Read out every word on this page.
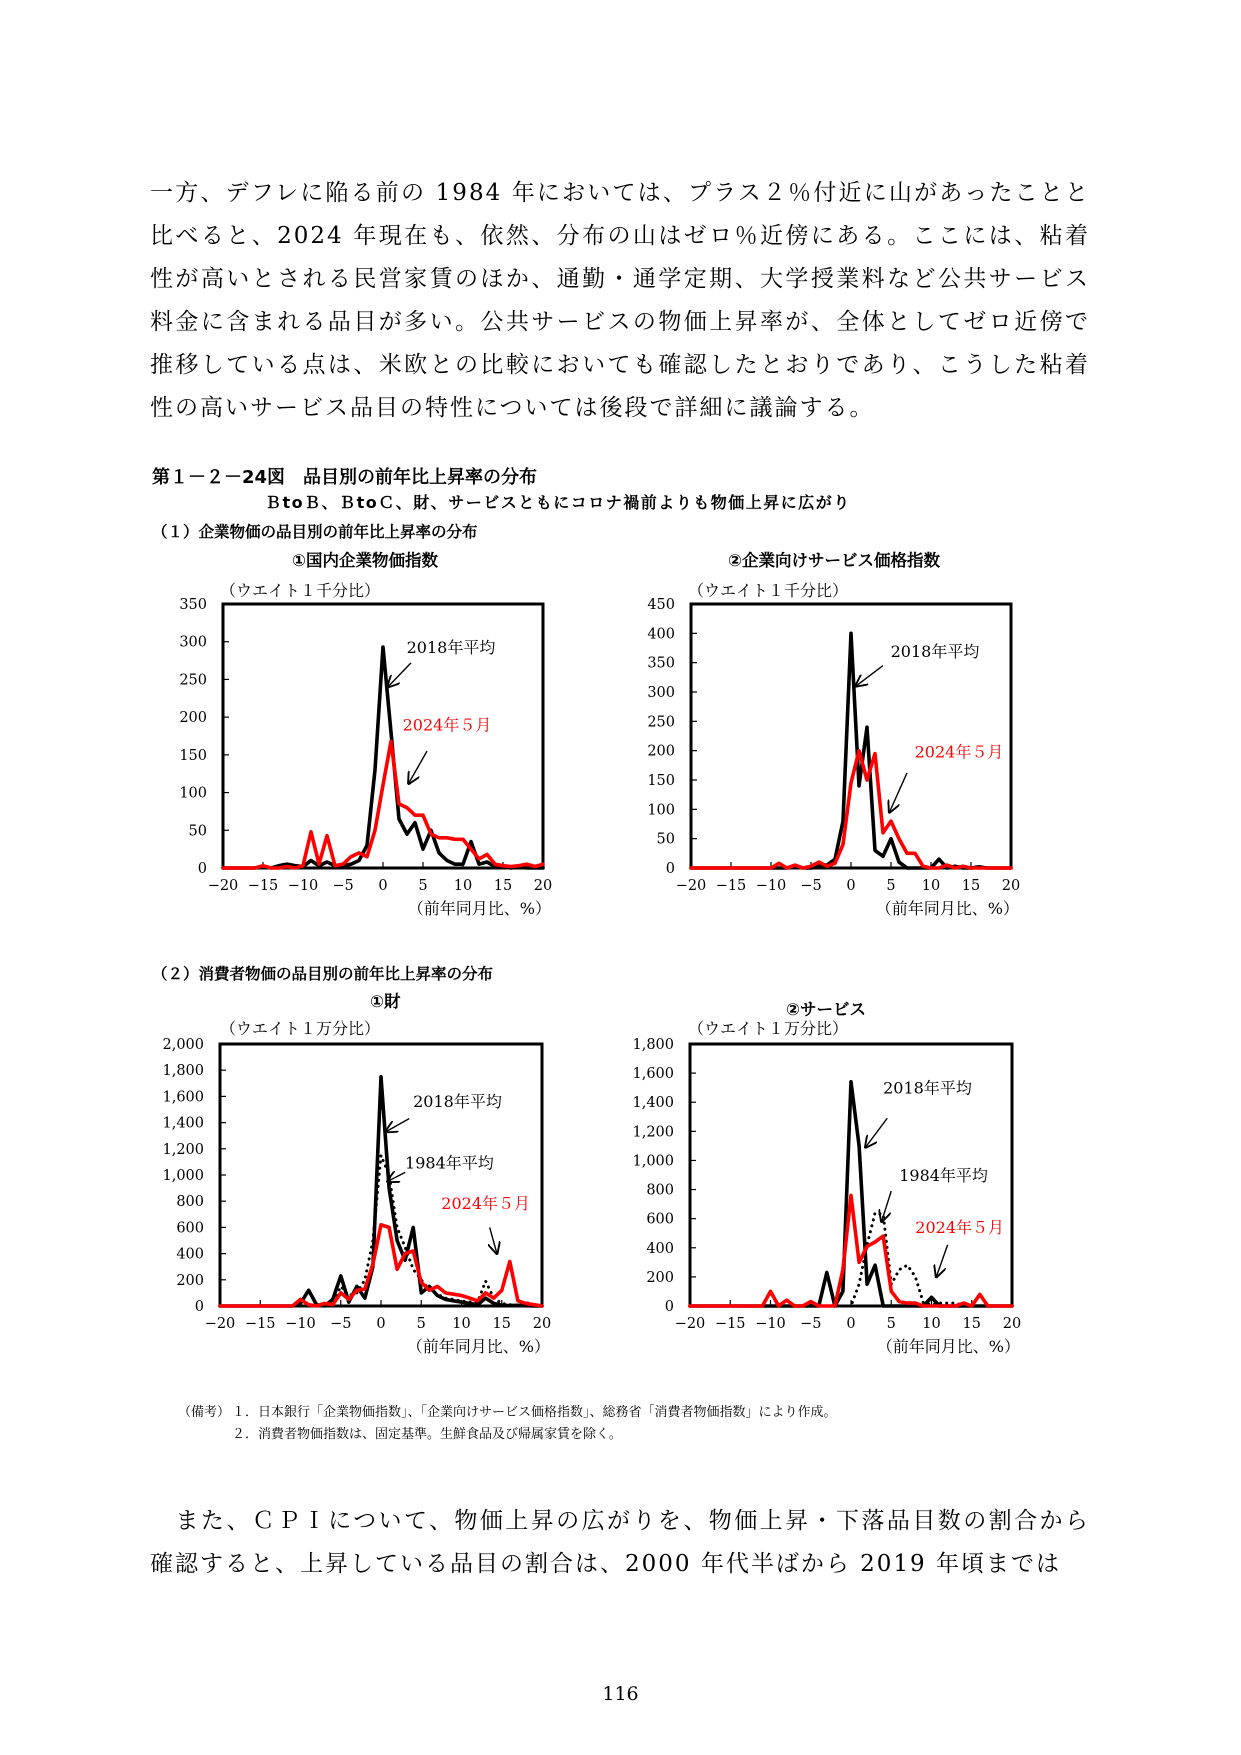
一方、デフレに陥る前の 1984 年においては、プラス２％付近に山があったことと比べると、2024 年現在も、依然、分布の山はゼロ％近傍にある。ここには、粘着性が高いとされる民営家賃のほか、通勤・通学定期、大学授業料など公共サービス料金に含まれる品目が多い。公共サービスの物価上昇率が、全体としてゼロ近傍で推移している点は、米欧との比較においても確認したとおりであり、こうした粘着性の高いサービス品目の特性については後段で詳細に議論する。

第１－２－24図　品目別の前年比上昇率の分布
ＢtoＢ、ＢtoＣ、財、サービスともにコロナ禍前よりも物価上昇に広がり
（１）企業物価の品目別の前年比上昇率の分布
（２）消費者物価の品目別の前年比上昇率の分布
①国内企業物価指数
（ウエイト１千分比）
0
50
100
150
200
250
300
350
−20 −15 −10 −5 0 5 10 15 20
（前年同月比、%）
2018年平均
2024年５月
②企業向けサービス価格指数
（ウエイト１千分比）
0
50
100
150
200
250
300
350
400
450
−20 −15 −10 −5 0 5 10 15 20
（前年同月比、%）
2018年平均
2024年５月
①財
（ウエイト１万分比）
0
200
400
600
800
1,000
1,200
1,400
1,600
1,800
2,000
−20 −15 −10 −5 0 5 10 15 20
（前年同月比、%）
2018年平均
1984年平均
2024年５月
②サービス
（ウエイト１万分比）
0
200
400
600
800
1,000
1,200
1,400
1,600
1,800
−20 −15 −10 −5 0 5 10 15 20
（前年同月比、%）
2018年平均
1984年平均
2024年５月
（備考） １．日本銀行「企業物価指数」、「企業向けサービス価格指数」、総務省「消費者物価指数」により作成。
２．消費者物価指数は、固定基準。生鮮食品及び帰属家賃を除く。

　また、ＣＰＩについて、物価上昇の広がりを、物価上昇・下落品目数の割合から確認すると、上昇している品目の割合は、2000 年代半ばから 2019 年頃までは

116
